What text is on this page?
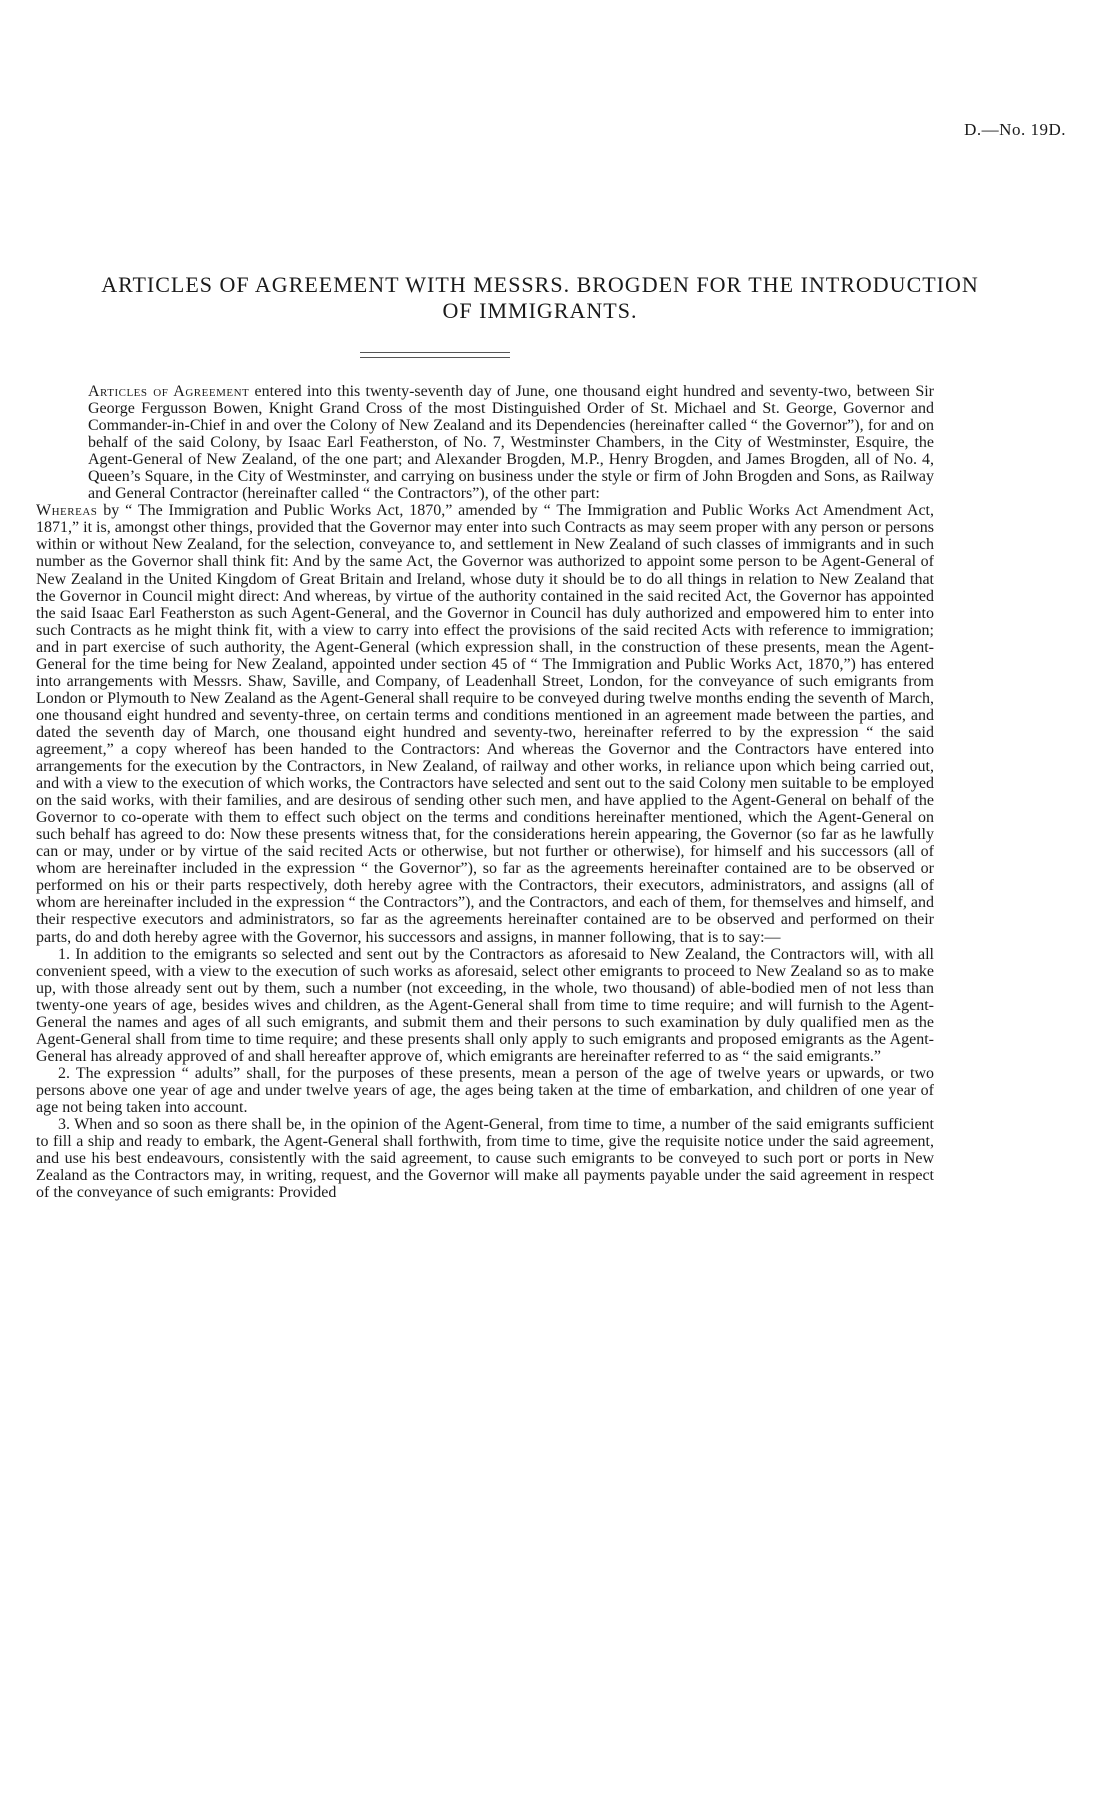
D.—No. 19D.
ARTICLES OF AGREEMENT WITH MESSRS. BROGDEN FOR THE INTRODUCTION
OF IMMIGRANTS.

Articles of Agreement entered into this twenty-seventh day of June, one thousand eight hundred and seventy-two, between Sir George Fergusson Bowen, Knight Grand Cross of the most Distinguished Order of St. Michael and St. George, Governor and Commander-in-Chief in and over the Colony of New Zealand and its Dependencies (hereinafter called “ the Governor”), for and on behalf of the said Colony, by Isaac Earl Featherston, of No. 7, Westminster Chambers, in the City of Westminster, Esquire, the Agent-General of New Zealand, of the one part; and Alexander Brogden, M.P., Henry Brogden, and James Brogden, all of No. 4, Queen’s Square, in the City of Westminster, and carrying on business under the style or firm of John Brogden and Sons, as Railway and General Contractor (hereinafter called “ the Contractors”), of the other part:

Whereas by “ The Immigration and Public Works Act, 1870,” amended by “ The Immigration and Public Works Act Amendment Act, 1871,” it is, amongst other things, provided that the Governor may enter into such Contracts as may seem proper with any person or persons within or without New Zealand, for the selection, conveyance to, and settlement in New Zealand of such classes of immigrants and in such number as the Governor shall think fit: And by the same Act, the Governor was authorized to appoint some person to be Agent-General of New Zealand in the United Kingdom of Great Britain and Ireland, whose duty it should be to do all things in relation to New Zealand that the Governor in Council might direct: And whereas, by virtue of the authority contained in the said recited Act, the Governor has appointed the said Isaac Earl Featherston as such Agent-General, and the Governor in Council has duly authorized and empowered him to enter into such Contracts as he might think fit, with a view to carry into effect the provisions of the said recited Acts with reference to immigration; and in part exercise of such authority, the Agent-General (which expression shall, in the construction of these presents, mean the Agent-General for the time being for New Zealand, appointed under section 45 of “ The Immigration and Public Works Act, 1870,”) has entered into arrangements with Messrs. Shaw, Saville, and Company, of Leadenhall Street, London, for the conveyance of such emigrants from London or Plymouth to New Zealand as the Agent-General shall require to be conveyed during twelve months ending the seventh of March, one thousand eight hundred and seventy-three, on certain terms and conditions mentioned in an agreement made between the parties, and dated the seventh day of March, one thousand eight hundred and seventy-two, hereinafter referred to by the expression “ the said agreement,” a copy whereof has been handed to the Contractors: And whereas the Governor and the Contractors have entered into arrangements for the execution by the Contractors, in New Zealand, of railway and other works, in reliance upon which being carried out, and with a view to the execution of which works, the Contractors have selected and sent out to the said Colony men suitable to be employed on the said works, with their families, and are desirous of sending other such men, and have applied to the Agent-General on behalf of the Governor to co-operate with them to effect such object on the terms and conditions hereinafter mentioned, which the Agent-General on such behalf has agreed to do: Now these presents witness that, for the considerations herein appearing, the Governor (so far as he lawfully can or may, under or by virtue of the said recited Acts or otherwise, but not further or otherwise), for himself and his successors (all of whom are hereinafter included in the expression “ the Governor”), so far as the agreements hereinafter contained are to be observed or performed on his or their parts respectively, doth hereby agree with the Contractors, their executors, administrators, and assigns (all of whom are hereinafter included in the expression “ the Contractors”), and the Contractors, and each of them, for themselves and himself, and their respective executors and administrators, so far as the agreements hereinafter contained are to be observed and performed on their parts, do and doth hereby agree with the Governor, his successors and assigns, in manner following, that is to say:—

1. In addition to the emigrants so selected and sent out by the Contractors as aforesaid to New Zealand, the Contractors will, with all convenient speed, with a view to the execution of such works as aforesaid, select other emigrants to proceed to New Zealand so as to make up, with those already sent out by them, such a number (not exceeding, in the whole, two thousand) of able-bodied men of not less than twenty-one years of age, besides wives and children, as the Agent-General shall from time to time require; and will furnish to the Agent-General the names and ages of all such emigrants, and submit them and their persons to such examination by duly qualified men as the Agent-General shall from time to time require; and these presents shall only apply to such emigrants and proposed emigrants as the Agent-General has already approved of and shall hereafter approve of, which emigrants are hereinafter referred to as “ the said emigrants.”

2. The expression “ adults” shall, for the purposes of these presents, mean a person of the age of twelve years or upwards, or two persons above one year of age and under twelve years of age, the ages being taken at the time of embarkation, and children of one year of age not being taken into account.

3. When and so soon as there shall be, in the opinion of the Agent-General, from time to time, a number of the said emigrants sufficient to fill a ship and ready to embark, the Agent-General shall forthwith, from time to time, give the requisite notice under the said agreement, and use his best endeavours, consistently with the said agreement, to cause such emigrants to be conveyed to such port or ports in New Zealand as the Contractors may, in writing, request, and the Governor will make all payments payable under the said agreement in respect of the conveyance of such emigrants: Provided
